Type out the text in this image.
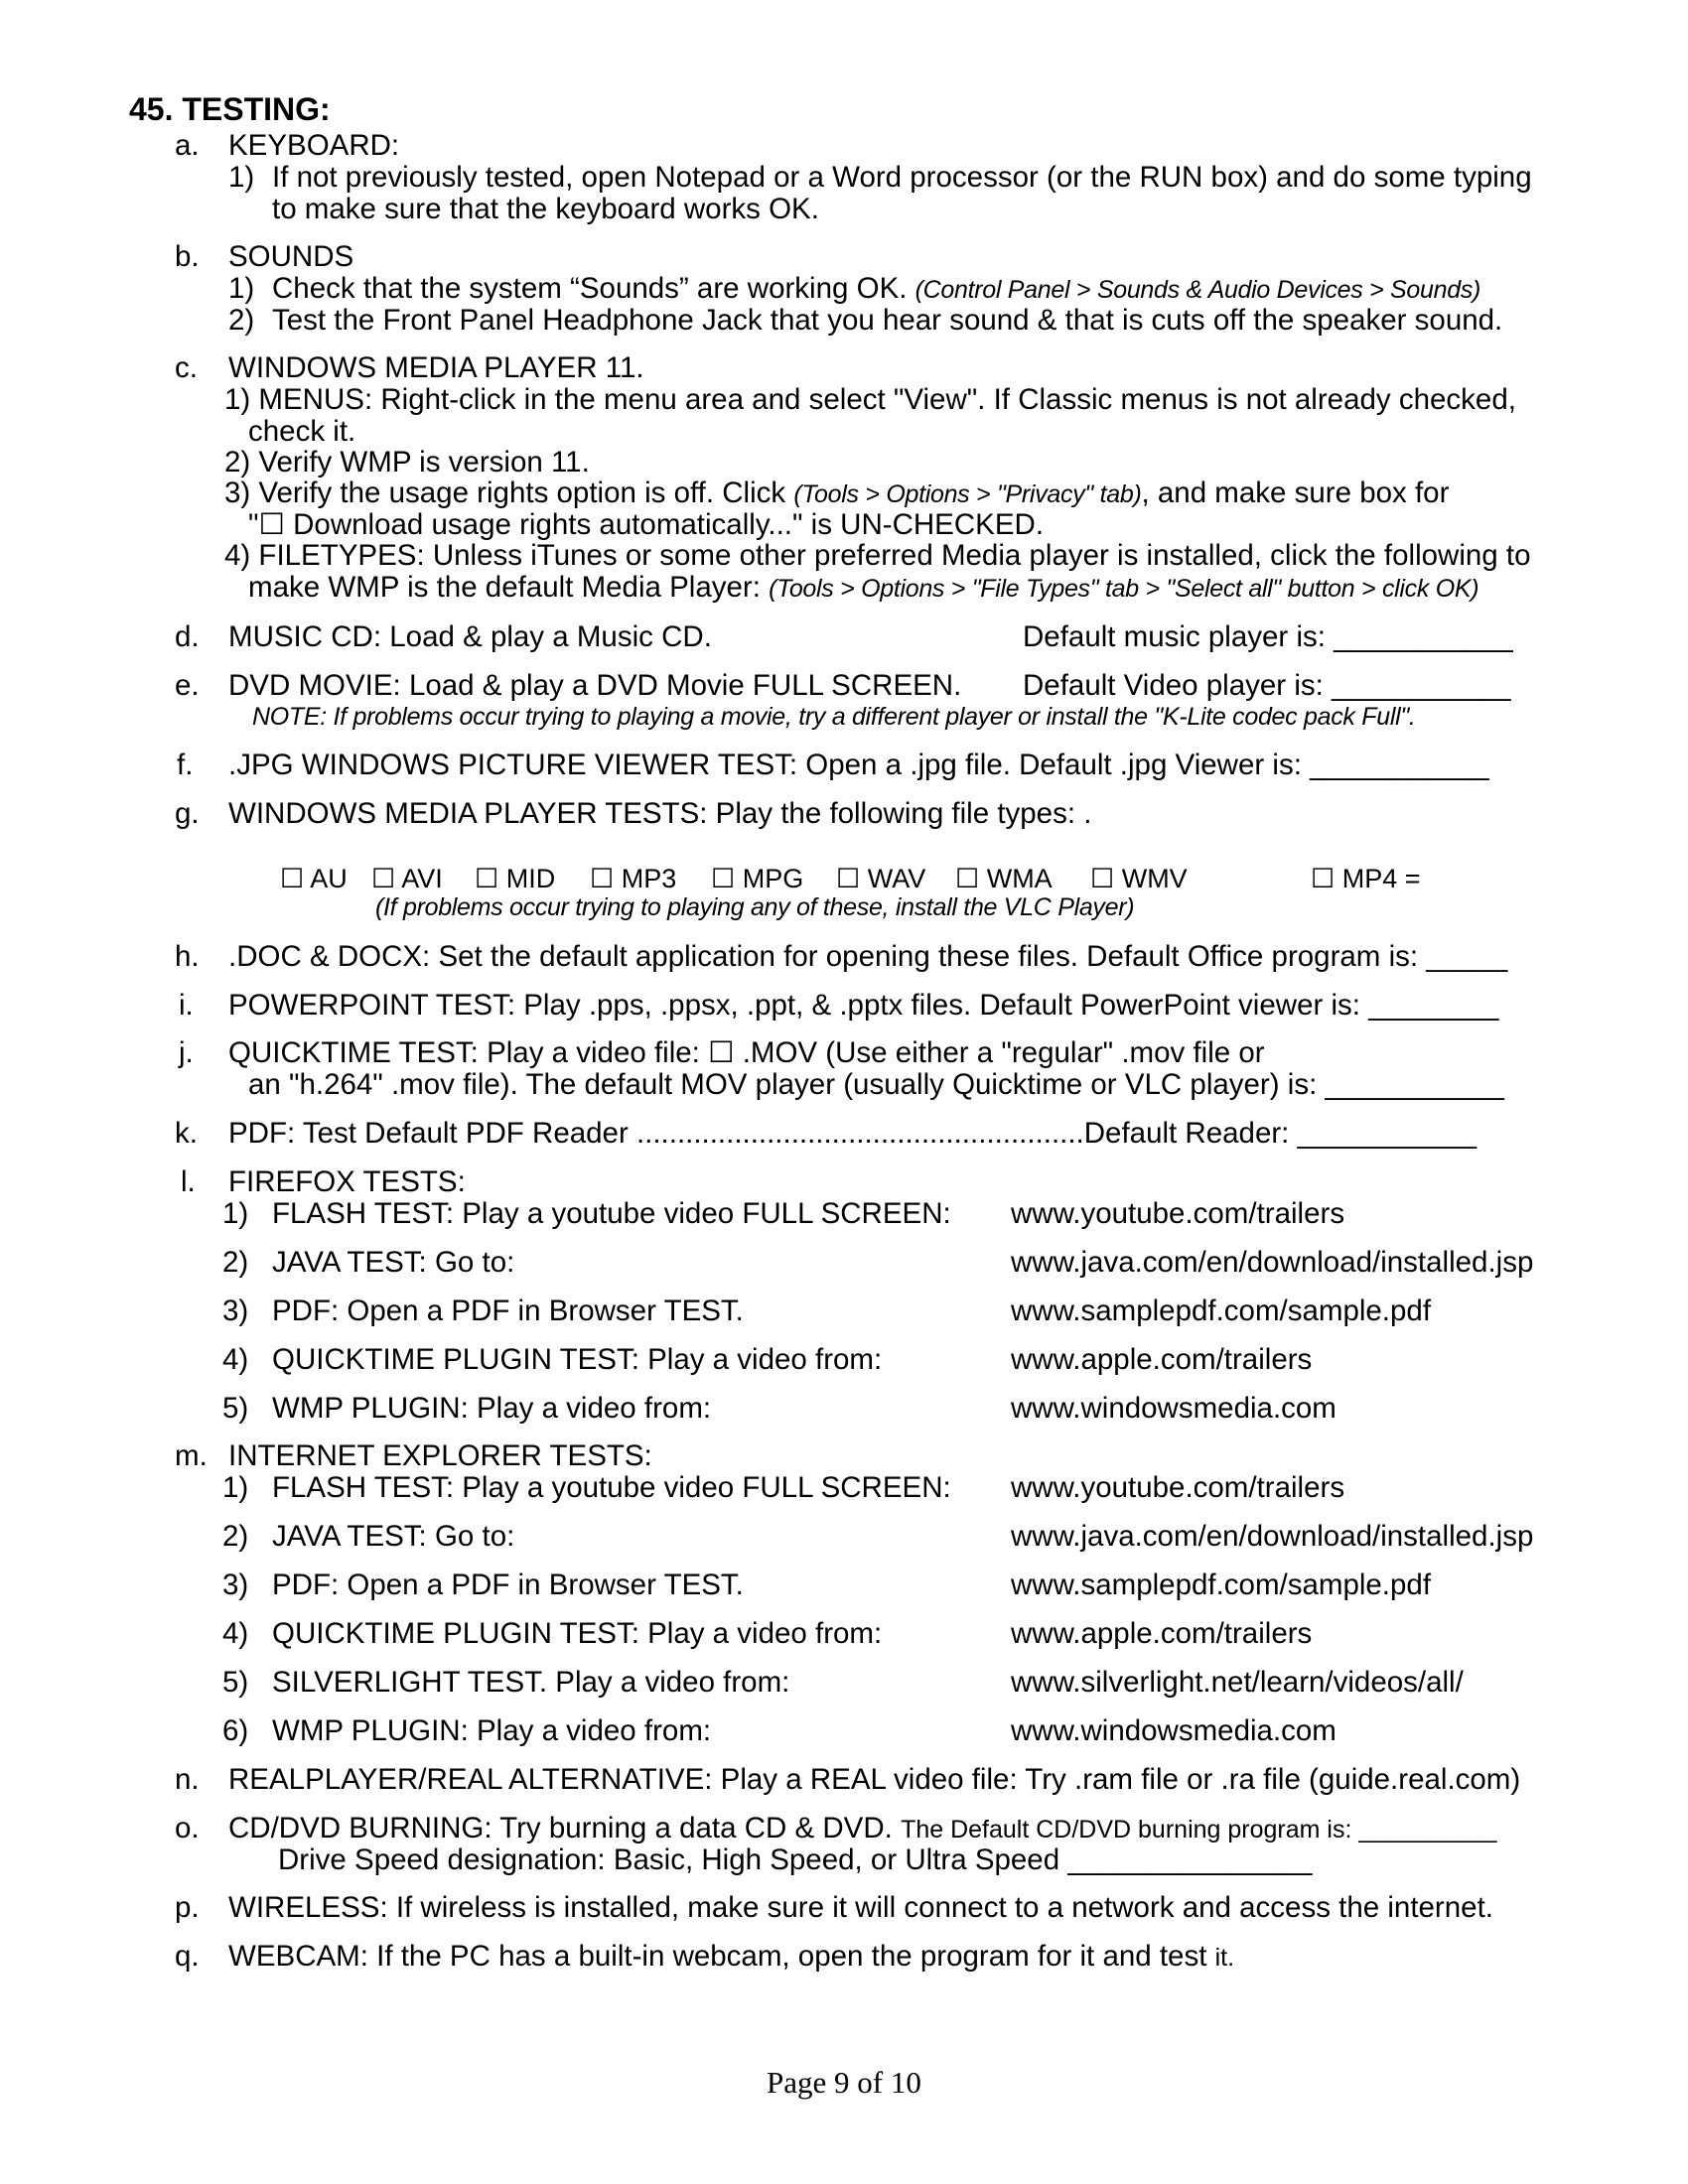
45. TESTING:
a. KEYBOARD:
1) If not previously tested, open Notepad or a Word processor (or the RUN box) and do some typing
to make sure that the keyboard works OK.
b. SOUNDS
1) Check that the system “Sounds” are working OK. (Control Panel > Sounds & Audio Devices > Sounds)
2) Test the Front Panel Headphone Jack that you hear sound & that is cuts off the speaker sound.
c. WINDOWS MEDIA PLAYER 11.
1) MENUS: Right-click in the menu area and select "View". If Classic menus is not already checked,
check it.
2) Verify WMP is version 11.
3) Verify the usage rights option is off. Click (Tools > Options > "Privacy" tab), and make sure box for
"☐ Download usage rights automatically..." is UN-CHECKED.
4) FILETYPES: Unless iTunes or some other preferred Media player is installed, click the following to
make WMP is the default Media Player: (Tools > Options > "File Types" tab > "Select all" button > click OK)
d. MUSIC CD: Load & play a Music CD.	Default music player is: ___________
e. DVD MOVIE: Load & play a DVD Movie FULL SCREEN. Default Video player is: ___________
NOTE: If problems occur trying to playing a movie, try a different player or install the "K-Lite codec pack Full".
f. .JPG WINDOWS PICTURE VIEWER TEST: Open a .jpg file. Default .jpg Viewer is: ___________
g. WINDOWS MEDIA PLAYER TESTS: Play the following file types: .
☐ AU ☐ AVI ☐ MID ☐ MP3 ☐ MPG ☐ WAV ☐ WMA ☐ WMV	☐ MP4 =
(If problems occur trying to playing any of these, install the VLC Player)
h. .DOC & DOCX: Set the default application for opening these files. Default Office program is: _____
i. POWERPOINT TEST: Play .pps, .ppsx, .ppt, & .pptx files. Default PowerPoint viewer is: ________
j. QUICKTIME TEST: Play a video file: ☐ .MOV (Use either a "regular" .mov file or
an "h.264" .mov file). The default MOV player (usually Quicktime or VLC player) is: ___________
k. PDF: Test Default PDF Reader .......................................................Default Reader: ___________
l. FIREFOX TESTS:
1) FLASH TEST: Play a youtube video FULL SCREEN: www.youtube.com/trailers
2) JAVA TEST: Go to:	www.java.com/en/download/installed.jsp
3) PDF: Open a PDF in Browser TEST.	www.samplepdf.com/sample.pdf
4) QUICKTIME PLUGIN TEST: Play a video from:	www.apple.com/trailers
5) WMP PLUGIN: Play a video from:	www.windowsmedia.com
m. INTERNET EXPLORER TESTS:
1) FLASH TEST: Play a youtube video FULL SCREEN: www.youtube.com/trailers
2) JAVA TEST: Go to:	www.java.com/en/download/installed.jsp
3) PDF: Open a PDF in Browser TEST.	www.samplepdf.com/sample.pdf
4) QUICKTIME PLUGIN TEST: Play a video from:	www.apple.com/trailers
5) SILVERLIGHT TEST. Play a video from:	www.silverlight.net/learn/videos/all/
6) WMP PLUGIN: Play a video from:	www.windowsmedia.com
n. REALPLAYER/REAL ALTERNATIVE: Play a REAL video file: Try .ram file or .ra file (guide.real.com)
o. CD/DVD BURNING: Try burning a data CD & DVD. The Default CD/DVD burning program is: __________
Drive Speed designation: Basic, High Speed, or Ultra Speed _______________
p. WIRELESS: If wireless is installed, make sure it will connect to a network and access the internet.
q. WEBCAM: If the PC has a built-in webcam, open the program for it and test it.
Page 9 of 10
